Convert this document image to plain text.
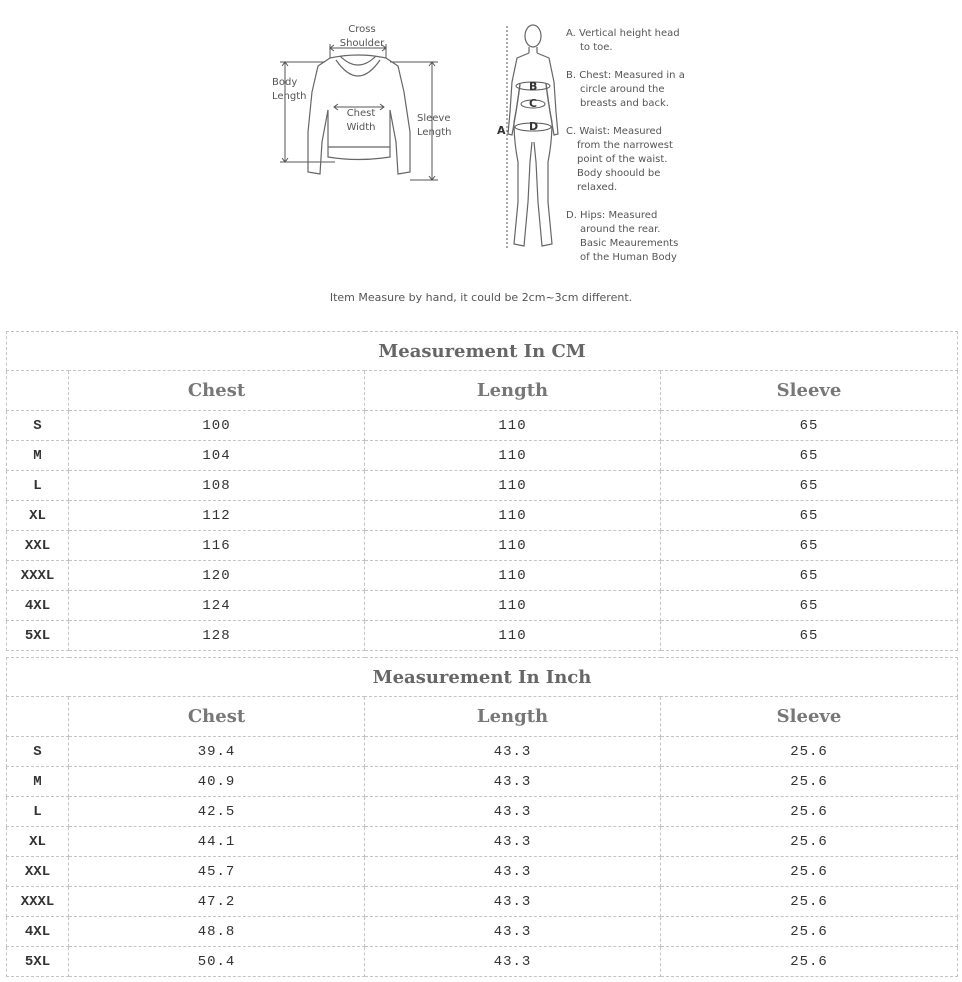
Cross
Shoulder
Body
Length
Chest
Width
Sleeve
Length	A
B
C
D
A. Vertical height head
to toe.
B. Chest: Measured in a
circle around the
breasts and back.
C. Waist: Measured
from the narrowest
point of the waist.
Body shoould be
relaxed.
D. Hips: Measured
around the rear.
Basic Meaurements
of the Human Body
Item Measure by hand, it could be 2cm~3cm different.
Measurement In CM			
	Chest	Length	Sleeve
S	100	110	65
M	104	110	65
L	108	110	65
XL	112	110	65
XXL	116	110	65
XXXL	120	110	65
4XL	124	110	65
5XL	128	110	65
Measurement In Inch			
	Chest	Length	Sleeve
S	39.4	43.3	25.6
M	40.9	43.3	25.6
L	42.5	43.3	25.6
XL	44.1	43.3	25.6
XXL	45.7	43.3	25.6
XXXL	47.2	43.3	25.6
4XL	48.8	43.3	25.6
5XL	50.4	43.3	25.6
